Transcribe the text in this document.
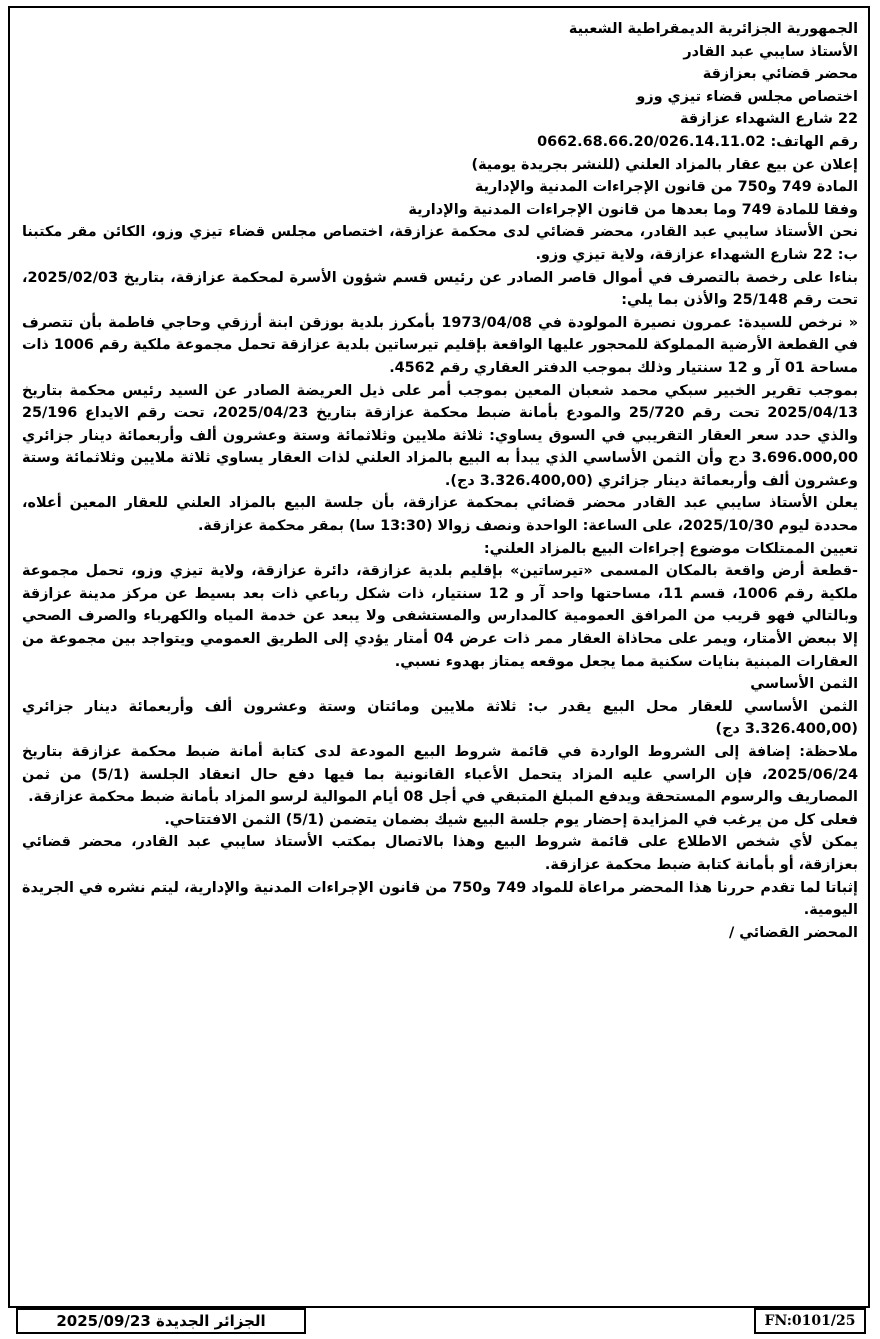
الجمهورية الجزائرية الديمقراطية الشعبية

الأستاذ سايبي عبد القادر

محضر قضائي بعزازقة

اختصاص مجلس قضاء تيزي وزو

22 شارع الشهداء عزازقة

رقم الهاتف: 0662.68.66.20/026.14.11.02

إعلان عن بيع عقار بالمزاد العلني (للنشر بجريدة يومية)

المادة 749 و750 من قانون الإجراءات المدنية والإدارية

وفقا للمادة 749 وما بعدها من قانون الإجراءات المدنية والإدارية

نحن الأستاذ سايبي عبد القادر، محضر قضائي لدى محكمة عزازقة، اختصاص مجلس قضاء تيزي وزو، الكائن مقر مكتبنا ب: 22 شارع الشهداء عزازقة، ولاية تيزي وزو.

بناءا على رخصة بالتصرف في أموال قاصر الصادر عن رئيس قسم شؤون الأسرة لمحكمة عزازقة، بتاريخ 2025/02/03، تحت رقم 25/148 والأذن بما يلي:

« نرخص للسيدة: عمرون نصيرة المولودة في 1973/04/08 بأمكرز بلدية بوزقن ابنة أرزقي وحاجي فاطمة بأن تتصرف في القطعة الأرضية المملوكة للمحجور عليها الواقعة بإقليم تيرساتين بلدية عزازقة تحمل مجموعة ملكية رقم 1006 ذات مساحة 01 آر و 12 سنتيار وذلك بموجب الدفتر العقاري رقم 4562.

بموجب تقرير الخبير سبكي محمد شعبان المعين بموجب أمر على ذيل العريضة الصادر عن السيد رئيس محكمة بتاريخ 2025/04/13 تحت رقم 25/720 والمودع بأمانة ضبط محكمة عزازقة بتاريخ 2025/04/23، تحت رقم الايداع 25/196 والذي حدد سعر العقار التقريبي في السوق يساوي: ثلاثة ملايين وثلاثمائة وستة وعشرون ألف وأربعمائة دينار جزائري 3.696.000,00 دج وأن الثمن الأساسي الذي يبدأ به البيع بالمزاد العلني لذات العقار يساوي ثلاثة ملايين وثلاثمائة وستة وعشرون ألف وأربعمائة دينار جزائري (3.326.400,00 دج).

يعلن الأستاذ سايبي عبد القادر محضر قضائي بمحكمة عزازقة، بأن جلسة البيع بالمزاد العلني للعقار المعين أعلاه، محددة ليوم 2025/10/30، على الساعة: الواحدة ونصف زوالا (13:30 سا) بمقر محكمة عزازقة.

تعيين الممتلكات موضوع إجراءات البيع بالمزاد العلني:

-قطعة أرض واقعة بالمكان المسمى «تيرساتين» بإقليم بلدية عزازقة، دائرة عزازقة، ولاية تيزي وزو، تحمل مجموعة ملكية رقم 1006، قسم 11، مساحتها واحد آر و 12 سنتيار، ذات شكل رباعي ذات بعد بسيط عن مركز مدينة عزازقة وبالتالي فهو قريب من المرافق العمومية كالمدارس والمستشفى ولا يبعد عن خدمة المياه والكهرباء والصرف الصحي إلا ببعض الأمتار، ويمر على محاذاة العقار ممر ذات عرض 04 أمتار يؤدي إلى الطريق العمومي ويتواجد بين مجموعة من العقارات المبنية بنايات سكنية مما يجعل موقعه يمتاز بهدوء نسبي.

الثمن الأساسي

الثمن الأساسي للعقار محل البيع يقدر ب: ثلاثة ملايين ومائتان وستة وعشرون ألف وأربعمائة دينار جزائري (3.326.400,00 دج)

ملاحظة: إضافة إلى الشروط الواردة في قائمة شروط البيع المودعة لدى كتابة أمانة ضبط محكمة عزازقة بتاريخ 2025/06/24، فإن الراسي عليه المزاد يتحمل الأعباء القانونية بما فيها دفع حال انعقاد الجلسة (5/1) من ثمن المصاريف والرسوم المستحقة ويدفع المبلغ المتبقي في أجل 08 أيام الموالية لرسو المزاد بأمانة ضبط محكمة عزازقة.

فعلى كل من يرغب في المزايدة إحضار يوم جلسة البيع شيك بضمان يتضمن (5/1) الثمن الافتتاحي.

يمكن لأي شخص الاطلاع على قائمة شروط البيع وهذا بالاتصال بمكتب الأستاذ سايبي عبد القادر، محضر قضائي بعزازقة، أو بأمانة كتابة ضبط محكمة عزازقة.

إثباتا لما تقدم حررنا هذا المحضر مراعاة للمواد 749 و750 من قانون الإجراءات المدنية والإدارية، ليتم نشره في الجريدة اليومية.

المحضر القضائي /

الجزائر الجديدة 2025/09/23	FN:0101/25
